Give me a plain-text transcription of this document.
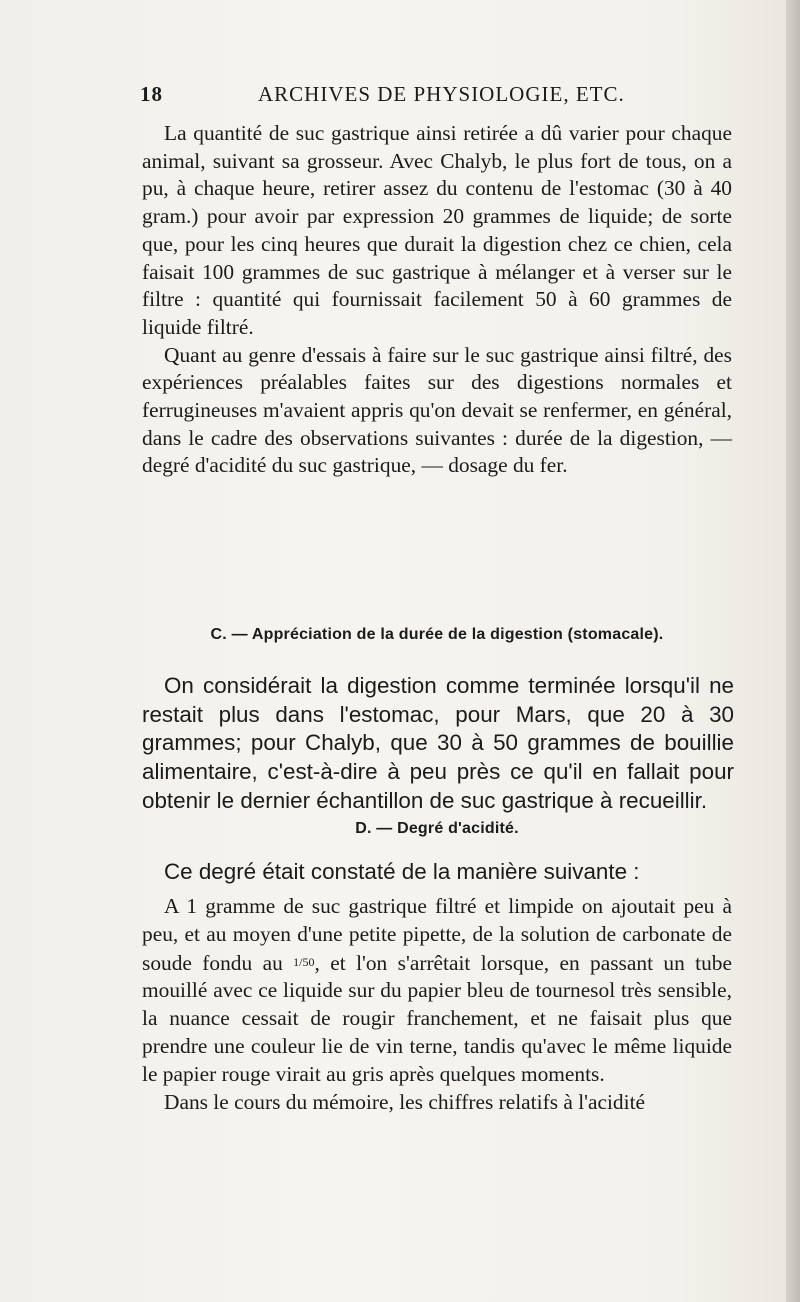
18	ARCHIVES DE PHYSIOLOGIE, ETC.

La quantité de suc gastrique ainsi retirée a dû varier pour chaque animal, suivant sa grosseur. Avec Chalyb, le plus fort de tous, on a pu, à chaque heure, retirer assez du contenu de l'estomac (30 à 40 gram.) pour avoir par expression 20 grammes de liquide; de sorte que, pour les cinq heures que durait la digestion chez ce chien, cela faisait 100 grammes de suc gastrique à mélanger et à verser sur le filtre : quantité qui fournissait facilement 50 à 60 grammes de liquide filtré.

Quant au genre d'essais à faire sur le suc gastrique ainsi filtré, des expériences préalables faites sur des digestions normales et ferrugineuses m'avaient appris qu'on devait se renfermer, en général, dans le cadre des observations suivantes : durée de la digestion, — degré d'acidité du suc gastrique, — dosage du fer.

C. — Appréciation de la durée de la digestion (stomacale).

On considérait la digestion comme terminée lorsqu'il ne restait plus dans l'estomac, pour Mars, que 20 à 30 grammes; pour Chalyb, que 30 à 50 grammes de bouillie alimentaire, c'est-à-dire à peu près ce qu'il en fallait pour obtenir le dernier échantillon de suc gastrique à recueillir.

D. — Degré d'acidité.

Ce degré était constaté de la manière suivante :

A 1 gramme de suc gastrique filtré et limpide on ajoutait peu à peu, et au moyen d'une petite pipette, de la solution de carbonate de soude fondu au 1/50, et l'on s'arrêtait lorsque, en passant un tube mouillé avec ce liquide sur du papier bleu de tournesol très sensible, la nuance cessait de rougir franchement, et ne faisait plus que prendre une couleur lie de vin terne, tandis qu'avec le même liquide le papier rouge virait au gris après quelques moments.

Dans le cours du mémoire, les chiffres relatifs à l'acidité
